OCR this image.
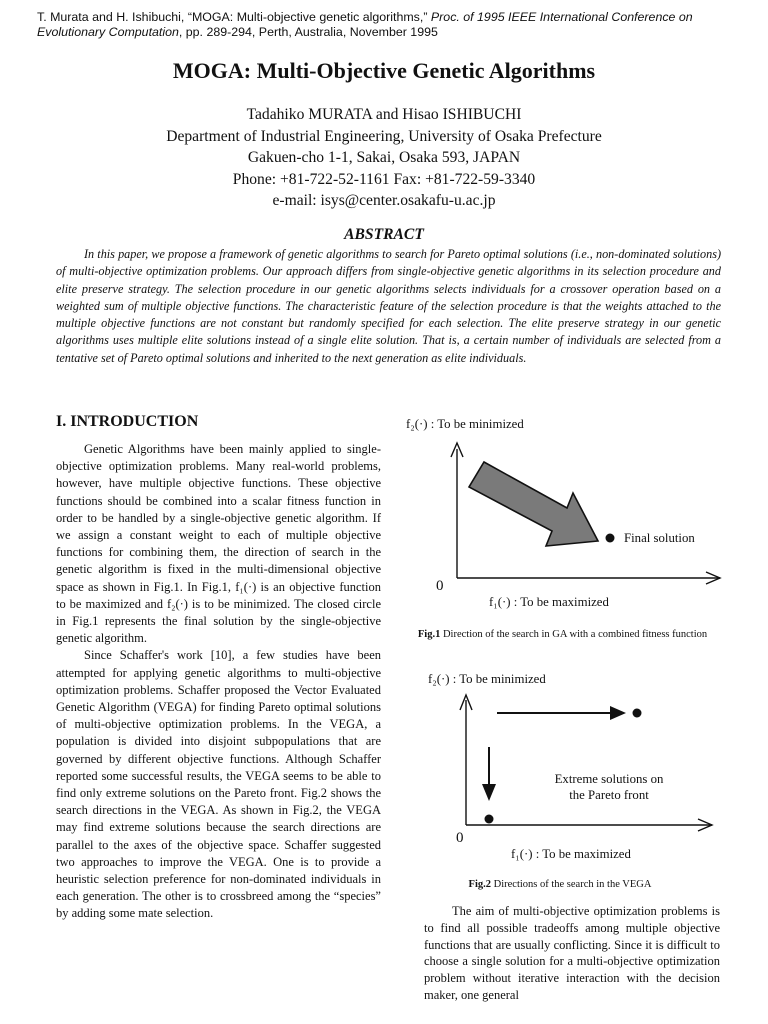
T. Murata and H. Ishibuchi, “MOGA: Multi-objective genetic algorithms,” Proc. of 1995 IEEE International Conference on Evolutionary Computation, pp. 289-294, Perth, Australia, November 1995
MOGA: Multi-Objective Genetic Algorithms
Tadahiko MURATA and Hisao ISHIBUCHI
Department of Industrial Engineering, University of Osaka Prefecture
Gakuen-cho 1-1, Sakai, Osaka 593, JAPAN
Phone: +81-722-52-1161 Fax: +81-722-59-3340
e-mail: isys@center.osakafu-u.ac.jp
ABSTRACT
In this paper, we propose a framework of genetic algorithms to search for Pareto optimal solutions (i.e., non-dominated solutions) of multi-objective optimization problems. Our approach differs from single-objective genetic algorithms in its selection procedure and elite preserve strategy. The selection procedure in our genetic algorithms selects individuals for a crossover operation based on a weighted sum of multiple objective functions. The characteristic feature of the selection procedure is that the weights attached to the multiple objective functions are not constant but randomly specified for each selection. The elite preserve strategy in our genetic algorithms uses multiple elite solutions instead of a single elite solution. That is, a certain number of individuals are selected from a tentative set of Pareto optimal solutions and inherited to the next generation as elite individuals.
I. INTRODUCTION

Genetic Algorithms have been mainly applied to single-objective optimization problems. Many real-world problems, however, have multiple objective functions. These objective functions should be combined into a scalar fitness function in order to be handled by a single-objective genetic algorithm. If we assign a constant weight to each of multiple objective functions for combining them, the direction of search in the genetic algorithm is fixed in the multi-dimensional objective space as shown in Fig.1. In Fig.1, f₁(·) is an objective function to be maximized and f₂(·) is to be minimized. The closed circle in Fig.1 represents the final solution by the single-objective genetic algorithm.

Since Schaffer's work [10], a few studies have been attempted for applying genetic algorithms to multi-objective optimization problems. Schaffer proposed the Vector Evaluated Genetic Algorithm (VEGA) for finding Pareto optimal solutions of multi-objective optimization problems. In the VEGA, a population is divided into disjoint subpopulations that are governed by different objective functions. Although Schaffer reported some successful results, the VEGA seems to be able to find only extreme solutions on the Pareto front. Fig.2 shows the search directions in the VEGA. As shown in Fig.2, the VEGA may find extreme solutions because the search directions are parallel to the axes of the objective space. Schaffer suggested two approaches to improve the VEGA. One is to provide a heuristic selection preference for non-dominated individuals in each generation. The other is to crossbreed among the “species” by adding some mate selection.

f₂(·) : To be minimized
Final solution
0
f₁(·) : To be maximized
Fig.1 Direction of the search in GA with a combined fitness function
f₂(·) : To be minimized
Extreme solutions on
the Pareto front
0
f₁(·) : To be maximized
Fig.2 Directions of the search in the VEGA

The aim of multi-objective optimization problems is to find all possible tradeoffs among multiple objective functions that are usually conflicting. Since it is difficult to choose a single solution for a multi-objective optimization problem without iterative interaction with the decision maker, one general
